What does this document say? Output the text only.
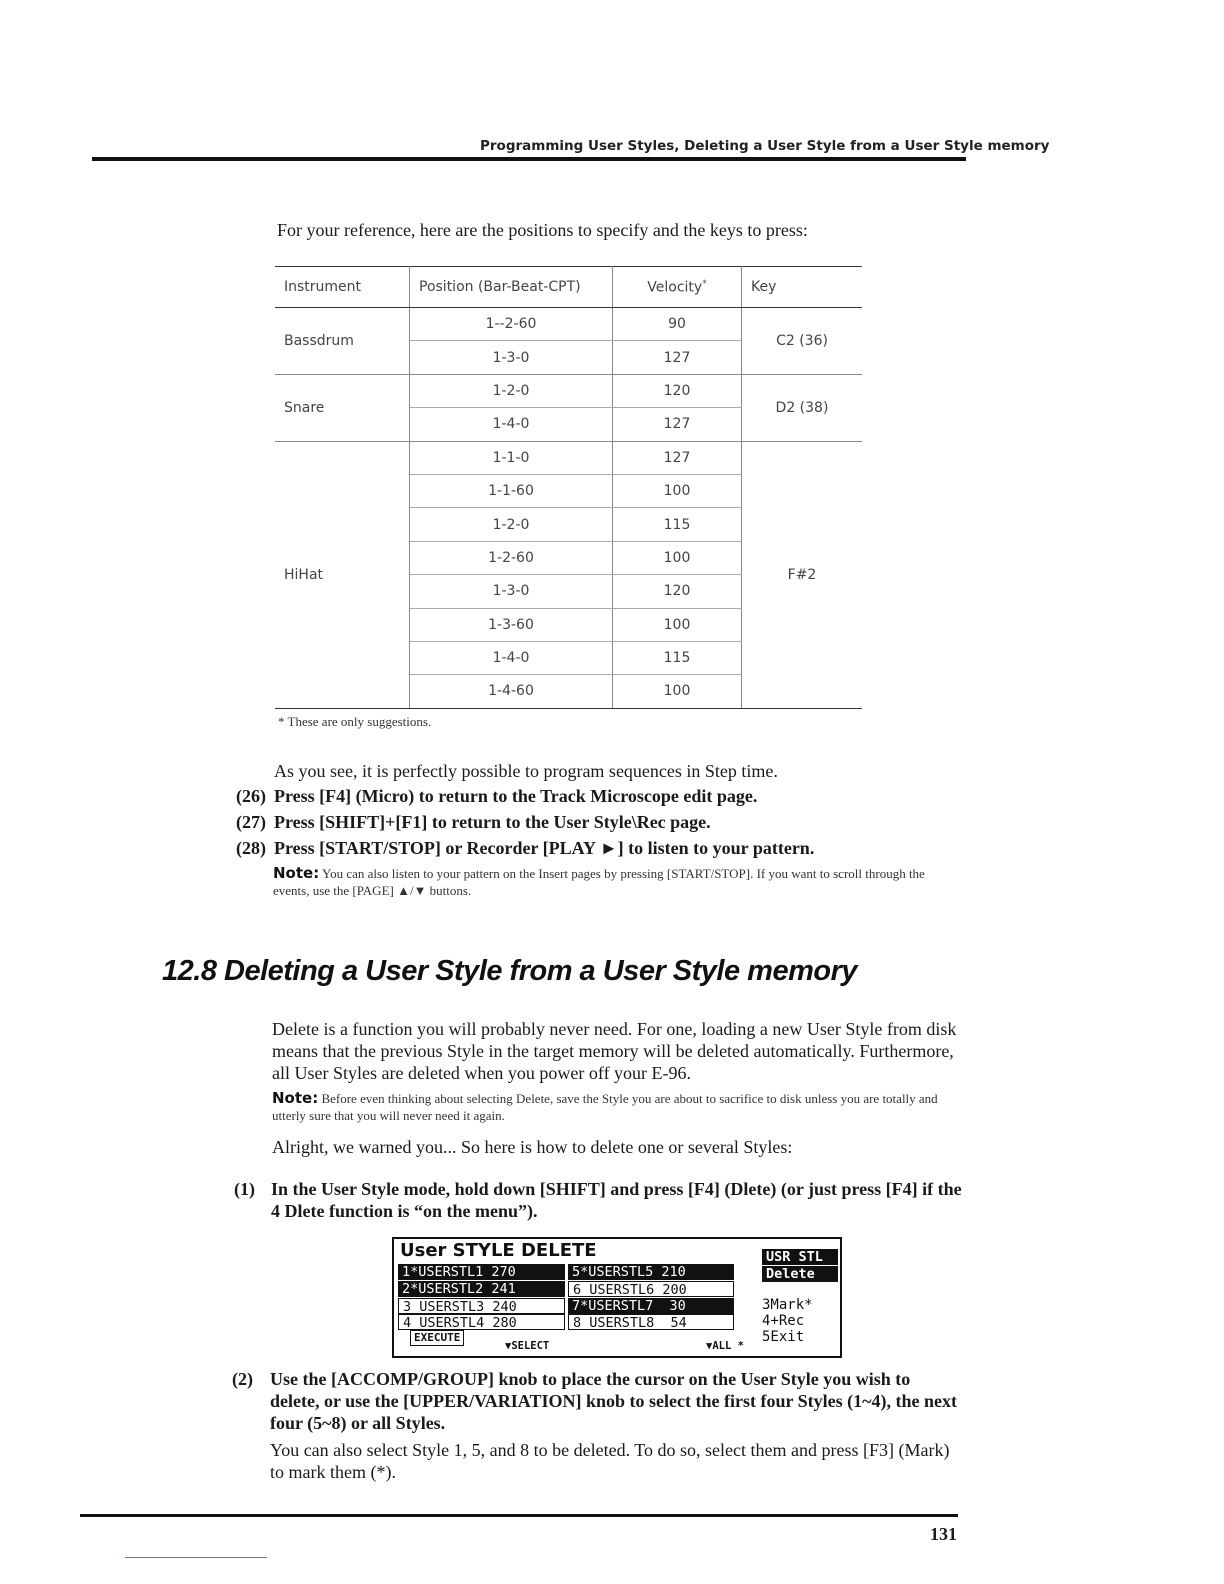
Programming User Styles, Deleting a User Style from a User Style memory
For your reference, here are the positions to specify and the keys to press:
Instrument	Position (Bar-Beat-CPT)	Velocity*	Key
Bassdrum	1--2-60	90	C2 (36)
	1-3-0	127	
Snare	1-2-0	120	D2 (38)
	1-4-0	127	
HiHat	1-1-0	127	F#2
	1-1-60	100	
	1-2-0	115	
	1-2-60	100	
	1-3-0	120	
	1-3-60	100	
	1-4-0	115	
	1-4-60	100	
* These are only suggestions.
As you see, it is perfectly possible to program sequences in Step time.
(26) Press [F4] (Micro) to return to the Track Microscope edit page.
(27) Press [SHIFT]+[F1] to return to the User Style\Rec page.
(28) Press [START/STOP] or Recorder [PLAY ►] to listen to your pattern.
Note: You can also listen to your pattern on the Insert pages by pressing [START/STOP]. If you want to scroll through the events, use the [PAGE] ▲/▼ buttons.
12.8 Deleting a User Style from a User Style memory
Delete is a function you will probably never need. For one, loading a new User Style from disk means that the previous Style in the target memory will be deleted automatically. Furthermore, all User Styles are deleted when you power off your E-96.
Note: Before even thinking about selecting Delete, save the Style you are about to sacrifice to disk unless you are totally and utterly sure that you will never need it again.
Alright, we warned you... So here is how to delete one or several Styles:
(1) In the User Style mode, hold down [SHIFT] and press [F4] (Dlete) (or just press [F4] if the 4 Dlete function is “on the menu”).
User STYLE DELETE
1*USERSTL1 270
2*USERSTL2 241
3 USERSTL3 240
4 USERSTL4 280
5*USERSTL5 210
6 USERSTL6 200
7*USERSTL7  30
8 USERSTL8  54
USR STL
Delete
3Mark*
4+Rec
5Exit
EXECUTE
▼SELECT	▼ALL *
(2) Use the [ACCOMP/GROUP] knob to place the cursor on the User Style you wish to delete, or use the [UPPER/VARIATION] knob to select the first four Styles (1~4), the next four (5~8) or all Styles.
You can also select Style 1, 5, and 8 to be deleted. To do so, select them and press [F3] (Mark) to mark them (*).
131
